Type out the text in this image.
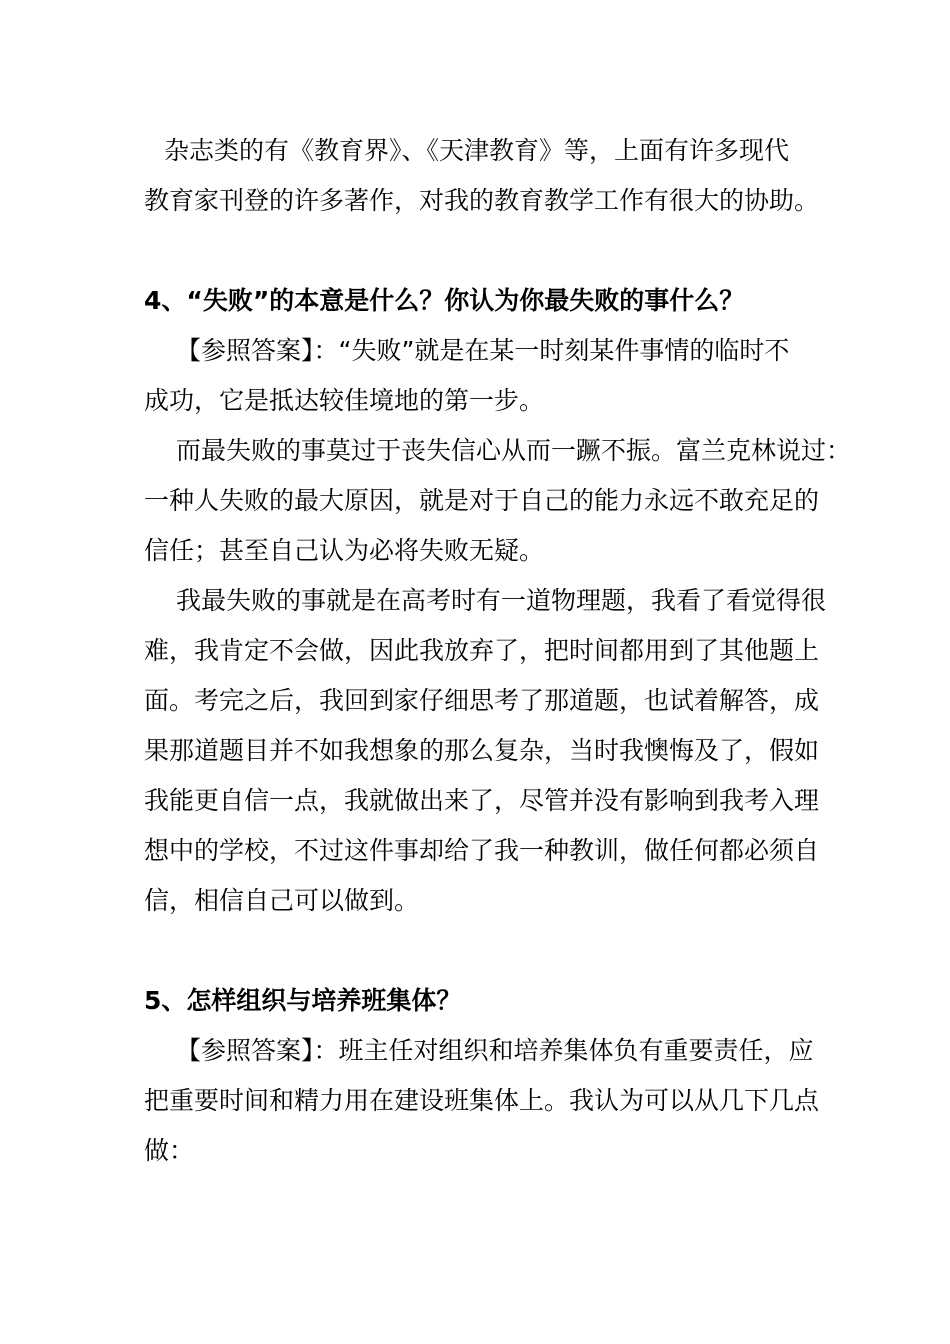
杂志类的有《教育界》、《天津教育》等，上面有许多现代
教育家刊登的许多著作，对我的教育教学工作有很大的协助。
4、“失败”的本意是什么？你认为你最失败的事什么？
【参照答案】：“失败”就是在某一时刻某件事情的临时不
成功，它是抵达较佳境地的第一步。
而最失败的事莫过于丧失信心从而一蹶不振。富兰克林说过：
一种人失败的最大原因，就是对于自己的能力永远不敢充足的
信任；甚至自己认为必将失败无疑。
我最失败的事就是在高考时有一道物理题，我看了看觉得很
难，我肯定不会做，因此我放弃了，把时间都用到了其他题上
面。考完之后，我回到家仔细思考了那道题，也试着解答，成
果那道题目并不如我想象的那么复杂，当时我懊悔及了，假如
我能更自信一点，我就做出来了，尽管并没有影响到我考入理
想中的学校，不过这件事却给了我一种教训，做任何都必须自
信，相信自己可以做到。
5、怎样组织与培养班集体？
【参照答案】：班主任对组织和培养集体负有重要责任，应
把重要时间和精力用在建设班集体上。我认为可以从几下几点
做：
